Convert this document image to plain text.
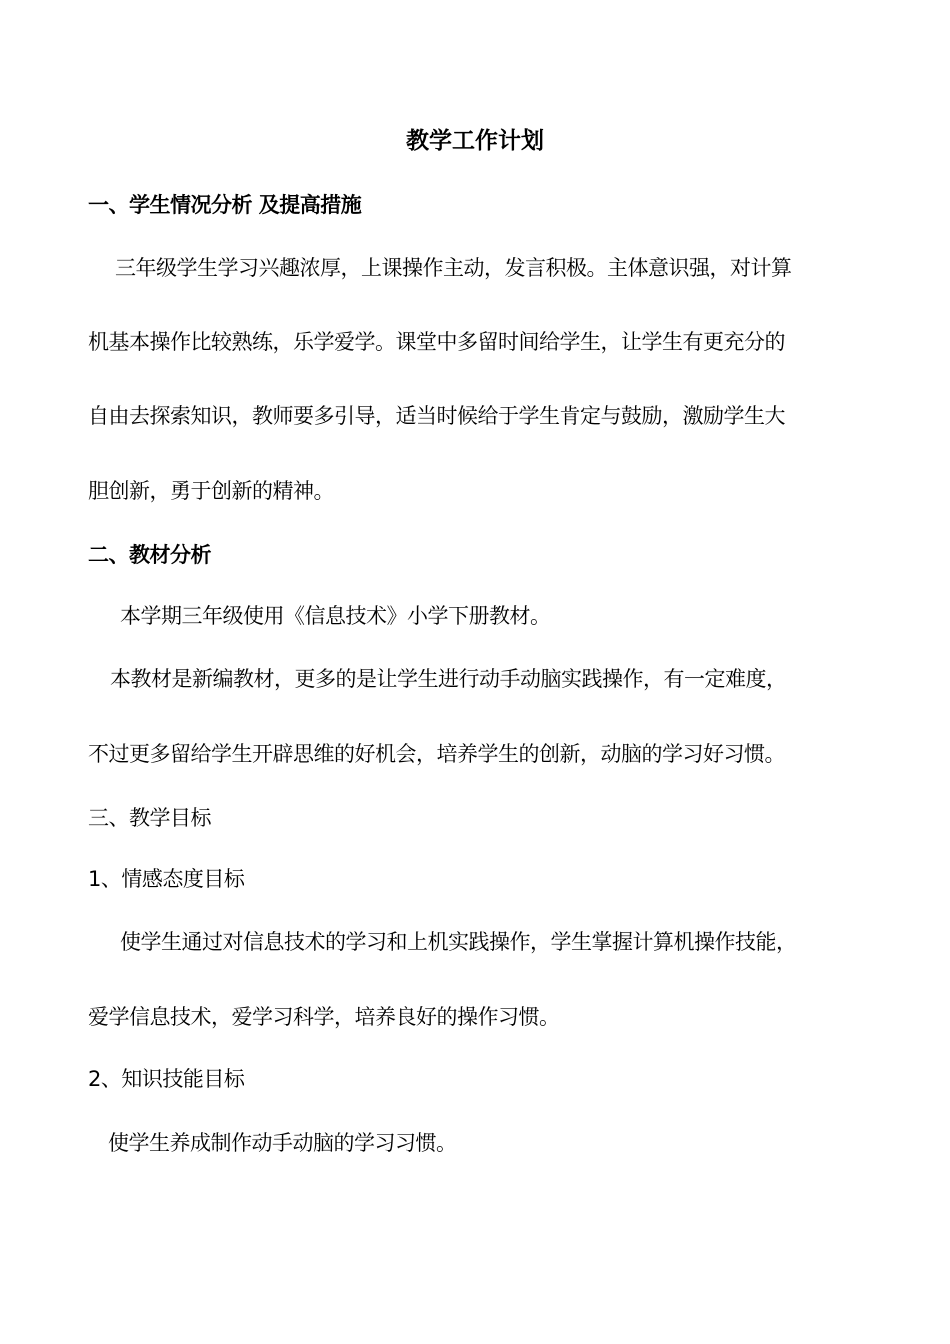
教学工作计划
一、学生情况分析 及提高措施
三年级学生学习兴趣浓厚，上课操作主动，发言积极。主体意识强，对计算
机基本操作比较熟练，乐学爱学。课堂中多留时间给学生，让学生有更充分的
自由去探索知识，教师要多引导，适当时候给于学生肯定与鼓励，激励学生大
胆创新，勇于创新的精神。
二、教材分析
本学期三年级使用《信息技术》小学下册教材。
本教材是新编教材，更多的是让学生进行动手动脑实践操作，有一定难度，
不过更多留给学生开辟思维的好机会，培养学生的创新，动脑的学习好习惯。
三、教学目标
1、情感态度目标
使学生通过对信息技术的学习和上机实践操作，学生掌握计算机操作技能，
爱学信息技术，爱学习科学，培养良好的操作习惯。
2、知识技能目标
使学生养成制作动手动脑的学习习惯。
